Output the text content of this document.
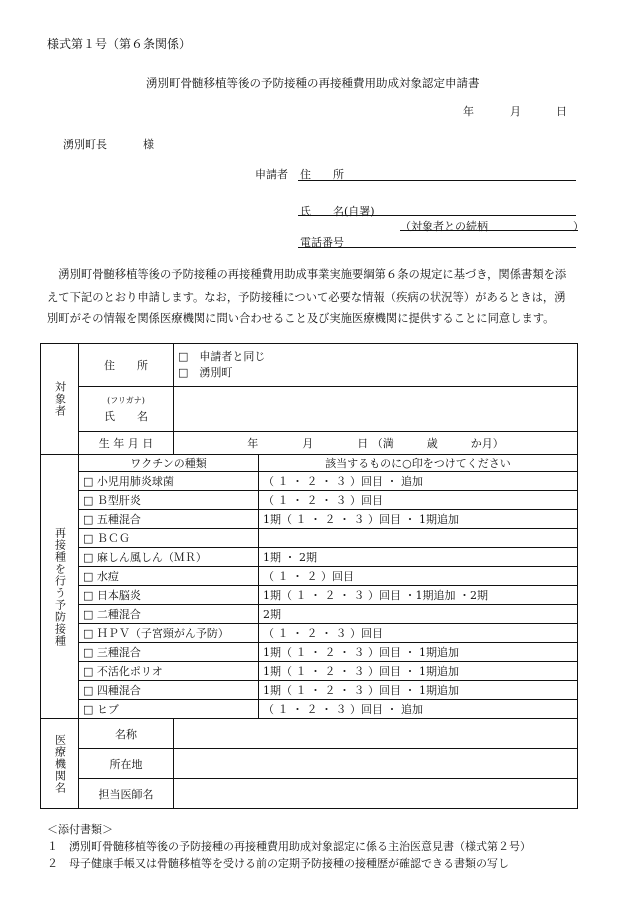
様式第１号（第６条関係）
湧別町骨髄移植等後の予防接種の再接種費用助成対象認定申請書
年	月	日
湧別町長	様
申請者 住　　所
氏　　名(自署)
（対象者との続柄	）
電話番号
　湧別町骨髄移植等後の予防接種の再接種費用助成事業実施要綱第６条の規定に基づき，関係書類を添
えて下記のとおり申請します。なお，予防接種について必要な情報（疾病の状況等）があるときは，湧
別町がその情報を関係医療機関に問い合わせること及び実施医療機関に提供することに同意します。
対象者	住　　所	□　申請者と同じ
□　湧別町	

	(フリガナ)
氏　　名		

	生 年 月 日	年　　　　月　　　　日 （満　　　歳　　　か月）	
再接種を行う予防接種	ワクチンの種類		該当するものに○印をつけてください
	□ 小児用肺炎球菌		（ １ ・ ２ ・ ３ ）回目 ・ 追加
	□ Ｂ型肝炎		（ １ ・ ２ ・ ３ ）回目
	□ 五種混合		1期（ １ ・ ２ ・ ３ ）回目 ・ 1期追加
	□ ＢＣＧ		
	□ 麻しん風しん（ＭＲ）		1期 ・ 2期
	□ 水痘		（ １ ・ ２ ）回目
	□ 日本脳炎		1期（ １ ・ ２ ・ ３ ）回目 ・1期追加 ・2期
	□ 二種混合		2期
	□ ＨＰＶ（子宮頸がん予防）		（ １ ・ ２ ・ ３ ）回目
	□ 三種混合		1期（ １ ・ ２ ・ ３ ）回目 ・ 1期追加
	□ 不活化ポリオ		1期（ １ ・ ２ ・ ３ ）回目 ・ 1期追加
	□ 四種混合		1期（ １ ・ ２ ・ ３ ）回目 ・ 1期追加
	□ ヒブ		（ １ ・ ２ ・ ３ ）回目 ・ 追加
医療機関名	名称		
	所在地		
	担当医師名		
＜添付書類＞
１　湧別町骨髄移植等後の予防接種の再接種費用助成対象認定に係る主治医意見書（様式第２号）
２　母子健康手帳又は骨髄移植等を受ける前の定期予防接種の接種歴が確認できる書類の写し
